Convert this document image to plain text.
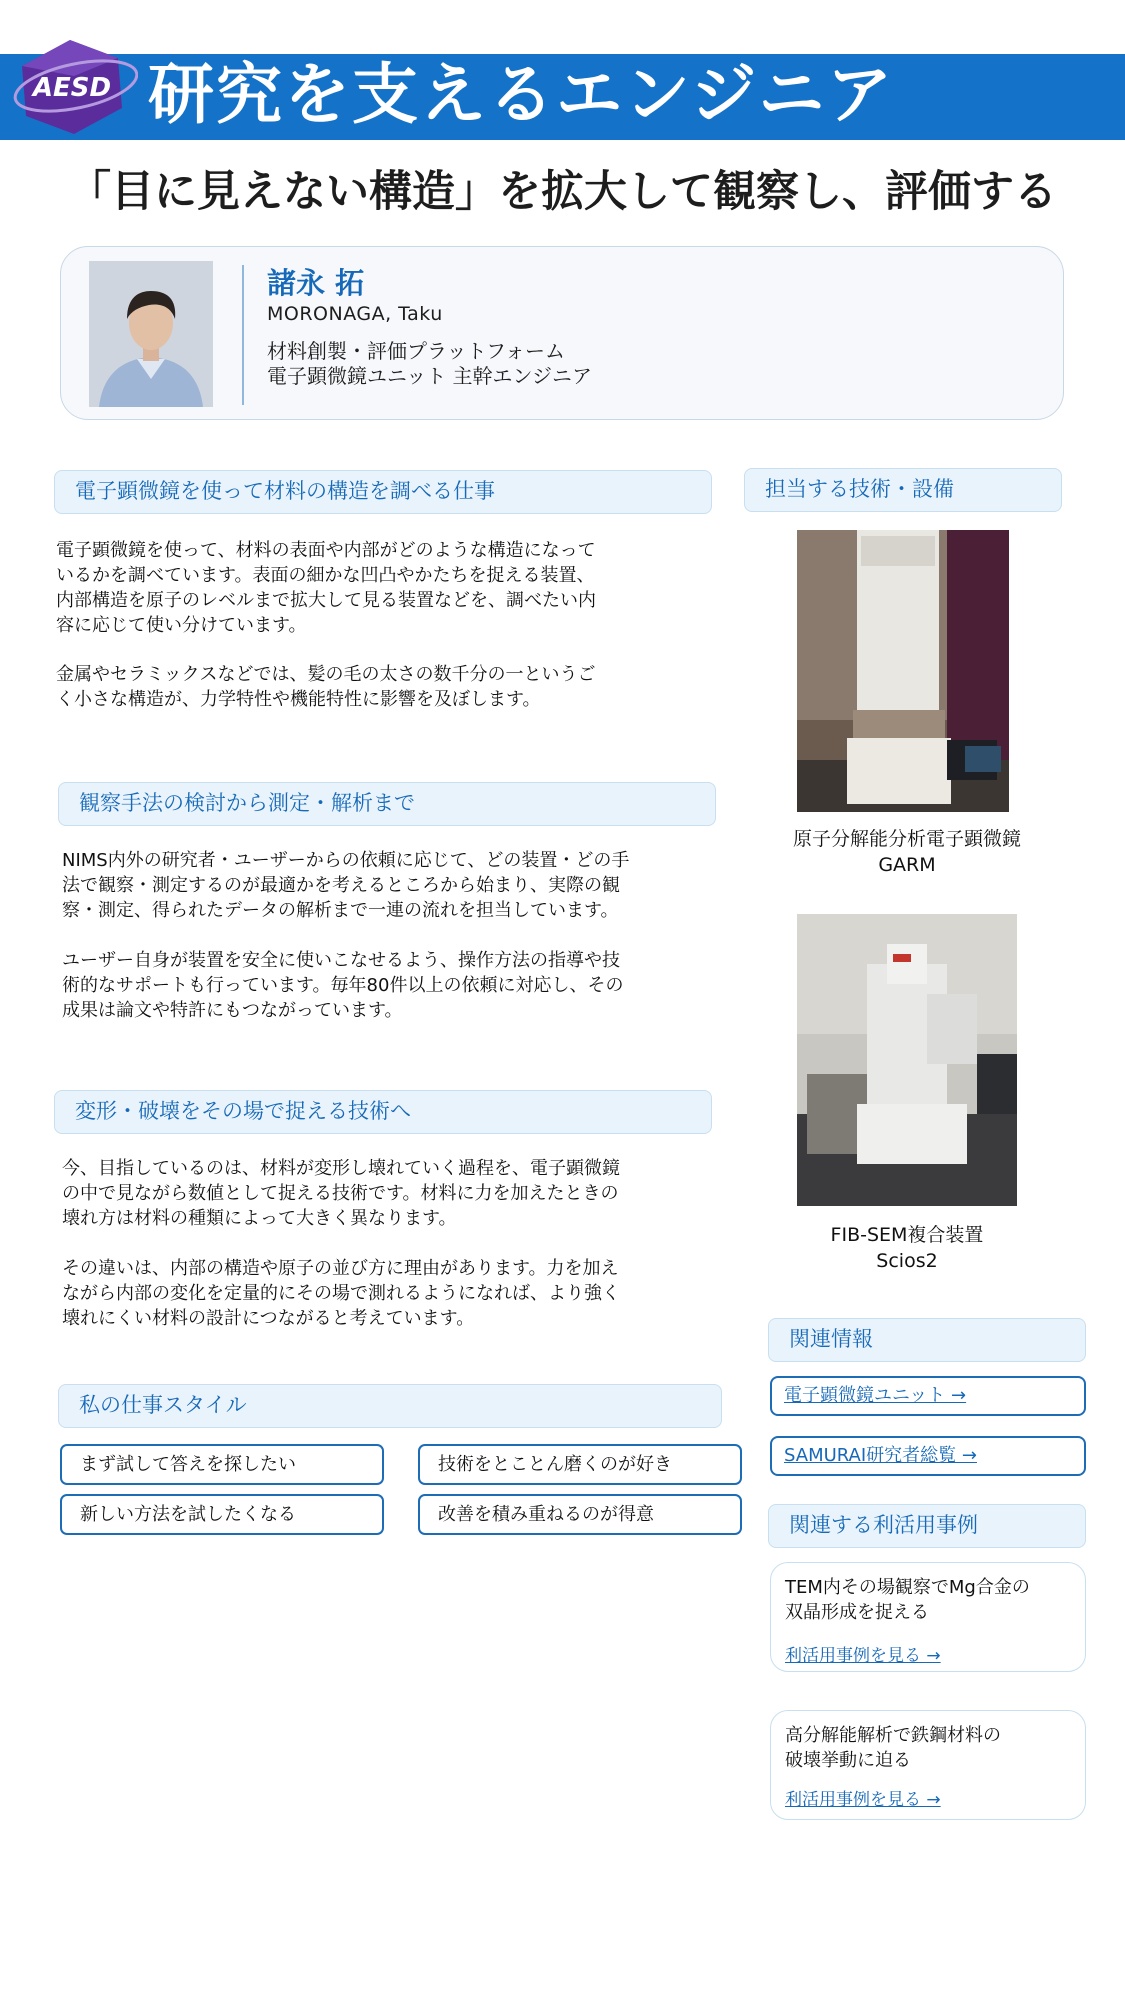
AESD 研究を支えるエンジニア
「目に見えない構造」を拡大して観察し、評価する
諸永 拓
MORONAGA, Taku
材料創製・評価プラットフォーム
電子顕微鏡ユニット 主幹エンジニア
電子顕微鏡を使って材料の構造を調べる仕事
電子顕微鏡を使って、材料の表面や内部がどのような構造になって
いるかを調べています。表面の細かな凹凸やかたちを捉える装置、
内部構造を原子のレベルまで拡大して見る装置などを、調べたい内
容に応じて使い分けています。
金属やセラミックスなどでは、髪の毛の太さの数千分の一というご
く小さな構造が、力学特性や機能特性に影響を及ぼします。
観察手法の検討から測定・解析まで
NIMS内外の研究者・ユーザーからの依頼に応じて、どの装置・どの手
法で観察・測定するのが最適かを考えるところから始まり、実際の観
察・測定、得られたデータの解析まで一連の流れを担当しています。
ユーザー自身が装置を安全に使いこなせるよう、操作方法の指導や技
術的なサポートも行っています。毎年80件以上の依頼に対応し、その
成果は論文や特許にもつながっています。
変形・破壊をその場で捉える技術へ
今、目指しているのは、材料が変形し壊れていく過程を、電子顕微鏡
の中で見ながら数値として捉える技術です。材料に力を加えたときの
壊れ方は材料の種類によって大きく異なります。
その違いは、内部の構造や原子の並び方に理由があります。力を加え
ながら内部の変化を定量的にその場で測れるようになれば、より強く
壊れにくい材料の設計につながると考えています。
私の仕事スタイル
まず試して答えを探したい	技術をとことん磨くのが好き
新しい方法を試したくなる	改善を積み重ねるのが得意
担当する技術・設備
原子分解能分析電子顕微鏡
GARM
FIB-SEM複合装置
Scios2
関連情報
電子顕微鏡ユニット →
SAMURAI研究者総覧 →
関連する利活用事例
TEM内その場観察でMg合金の
双晶形成を捉える
利活用事例を見る →
高分解能解析で鉄鋼材料の
破壊挙動に迫る
利活用事例を見る →
